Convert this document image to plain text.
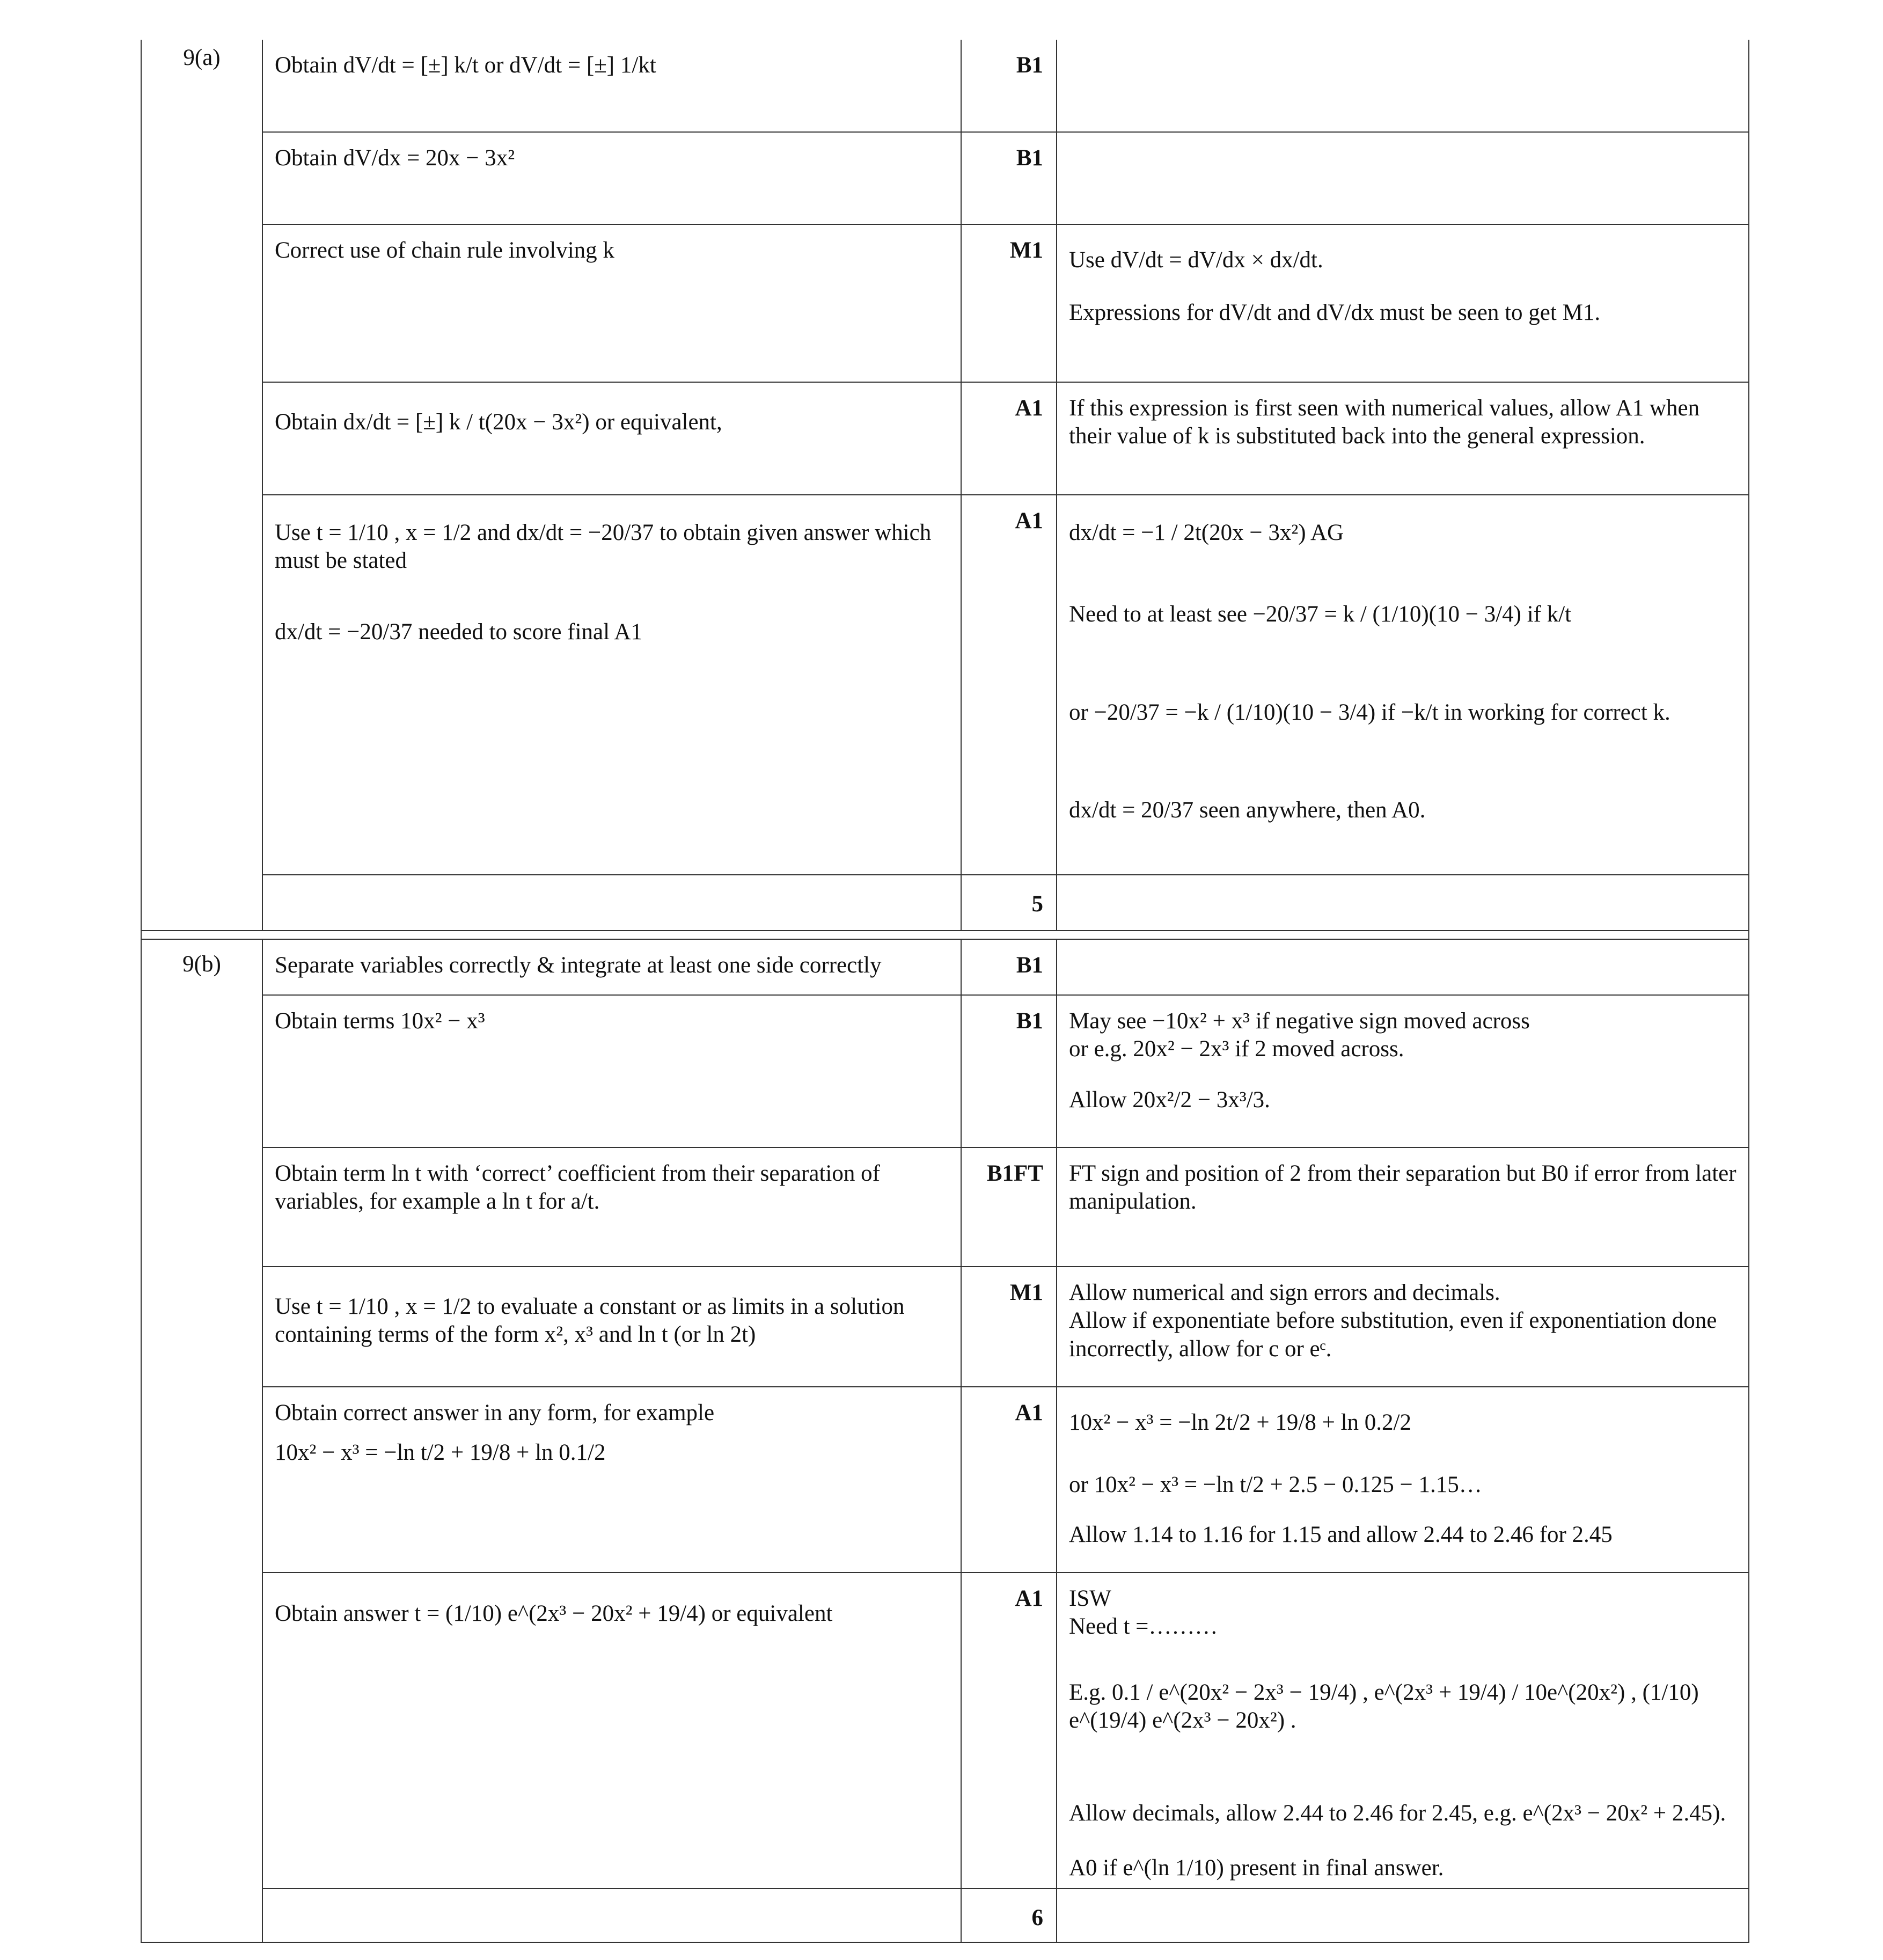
9(a)	Obtain dV/dt = [±] k/t or dV/dt = [±] 1/kt	B1	
	Obtain dV/dx = 20x − 3x²	B1	
	Correct use of chain rule involving k	M1	Use dV/dt = dV/dx × dx/dt.
Expressions for dV/dt and dV/dx must be seen to get M1.

	Obtain dx/dt = [±] k / t(20x − 3x²) or equivalent,	A1	If this expression is first seen with numerical values, allow A1 when their value of k is substituted back into the general expression.

	Use t = 1/10 , x = 1/2 and dx/dt = −20/37 to obtain given answer which must be stated
dx/dt = −20/37 needed to score final A1	A1	dx/dt = −1 / 2t(20x − 3x²) AG
Need to at least see −20/37 = k / (1/10)(10 − 3/4) if k/t
or −20/37 = −k / (1/10)(10 − 3/4) if −k/t in working for correct k.
dx/dt = 20/37 seen anywhere, then A0.

		5	

9(b)	Separate variables correctly & integrate at least one side correctly	B1	
	Obtain terms 10x² − x³	B1	May see −10x² + x³ if negative sign moved across
or e.g. 20x² − 2x³ if 2 moved across.
Allow 20x²/2 − 3x³/3.

	Obtain term ln t with ‘correct’ coefficient from their separation of variables, for example a ln t for a/t.	B1FT	FT sign and position of 2 from their separation but B0 if error from later manipulation.

	Use t = 1/10 , x = 1/2 to evaluate a constant or as limits in a solution containing terms of the form x², x³ and ln t (or ln 2t)	M1	Allow numerical and sign errors and decimals.
Allow if exponentiate before substitution, even if exponentiation done incorrectly, allow for c or eᶜ.

	Obtain correct answer in any form, for example
10x² − x³ = −ln t/2 + 19/8 + ln 0.1/2	A1	10x² − x³ = −ln 2t/2 + 19/8 + ln 0.2/2
or 10x² − x³ = −ln t/2 + 2.5 − 0.125 − 1.15…
Allow 1.14 to 1.16 for 1.15 and allow 2.44 to 2.46 for 2.45

	Obtain answer t = (1/10) e^(2x³ − 20x² + 19/4) or equivalent	A1	ISW
Need t =………
E.g. 0.1 / e^(20x² − 2x³ − 19/4) , e^(2x³ + 19/4) / 10e^(20x²) , (1/10) e^(19/4) e^(2x³ − 20x²) .
Allow decimals, allow 2.44 to 2.46 for 2.45, e.g. e^(2x³ − 20x² + 2.45).
A0 if e^(ln 1/10) present in final answer.

		6	
